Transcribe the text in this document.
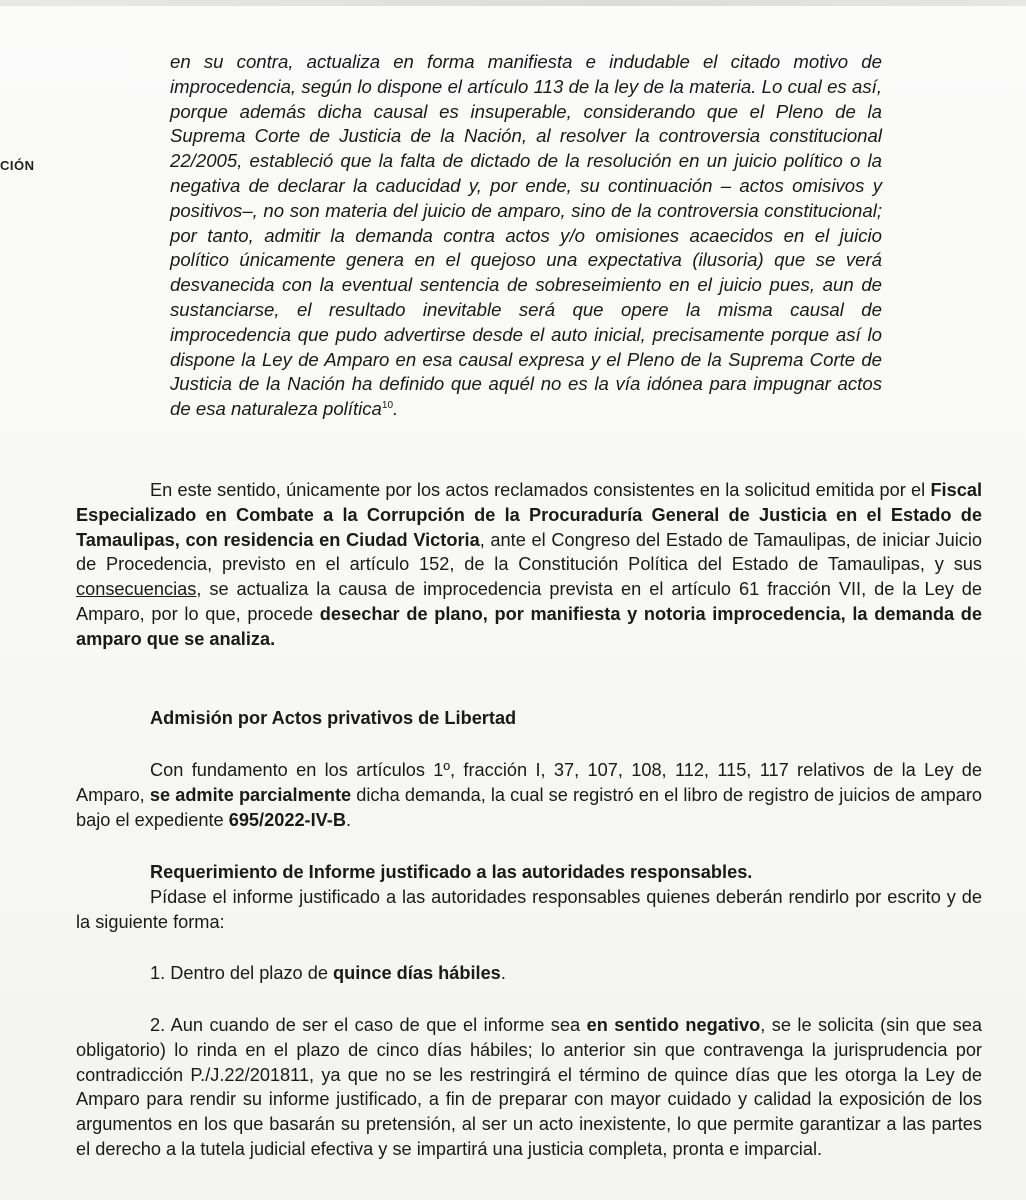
CIÓN
en su contra, actualiza en forma manifiesta e indudable el citado motivo de improcedencia, según lo dispone el artículo 113 de la ley de la materia. Lo cual es así, porque además dicha causal es insuperable, considerando que el Pleno de la Suprema Corte de Justicia de la Nación, al resolver la controversia constitucional 22/2005, estableció que la falta de dictado de la resolución en un juicio político o la negativa de declarar la caducidad y, por ende, su continuación – actos omisivos y positivos–, no son materia del juicio de amparo, sino de la controversia constitucional; por tanto, admitir la demanda contra actos y/o omisiones acaecidos en el juicio político únicamente genera en el quejoso una expectativa (ilusoria) que se verá desvanecida con la eventual sentencia de sobreseimiento en el juicio pues, aun de sustanciarse, el resultado inevitable será que opere la misma causal de improcedencia que pudo advertirse desde el auto inicial, precisamente porque así lo dispone la Ley de Amparo en esa causal expresa y el Pleno de la Suprema Corte de Justicia de la Nación ha definido que aquél no es la vía idónea para impugnar actos de esa naturaleza política$^{10}$.

En este sentido, únicamente por los actos reclamados consistentes en la solicitud emitida por el Fiscal Especializado en Combate a la Corrupción de la Procuraduría General de Justicia en el Estado de Tamaulipas, con residencia en Ciudad Victoria, ante el Congreso del Estado de Tamaulipas, de iniciar Juicio de Procedencia, previsto en el artículo 152, de la Constitución Política del Estado de Tamaulipas, y sus consecuencias, se actualiza la causa de improcedencia prevista en el artículo 61 fracción VII, de la Ley de Amparo, por lo que, procede desechar de plano, por manifiesta y notoria improcedencia, la demanda de amparo que se analiza.

Admisión por Actos privativos de Libertad

Con fundamento en los artículos 1º, fracción I, 37, 107, 108, 112, 115, 117 relativos de la Ley de Amparo, se admite parcialmente dicha demanda, la cual se registró en el libro de registro de juicios de amparo bajo el expediente 695/2022-IV-B.

Requerimiento de Informe justificado a las autoridades responsables.

Pídase el informe justificado a las autoridades responsables quienes deberán rendirlo por escrito y de la siguiente forma:

1. Dentro del plazo de quince días hábiles.

2. Aun cuando de ser el caso de que el informe sea en sentido negativo, se le solicita (sin que sea obligatorio) lo rinda en el plazo de cinco días hábiles; lo anterior sin que contravenga la jurisprudencia por contradicción P./J.22/201811, ya que no se les restringirá el término de quince días que les otorga la Ley de Amparo para rendir su informe justificado, a fin de preparar con mayor cuidado y calidad la exposición de los argumentos en los que basarán su pretensión, al ser un acto inexistente, lo que permite garantizar a las partes el derecho a la tutela judicial efectiva y se impartirá una justicia completa, pronta e imparcial.
